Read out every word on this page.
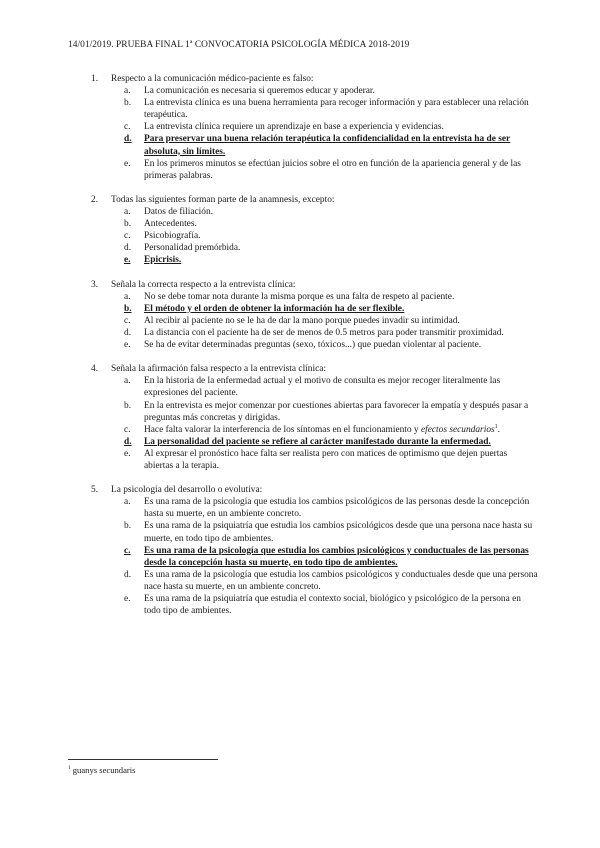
14/01/2019. PRUEBA FINAL 1ª CONVOCATORIA PSICOLOGÍA MÉDICA 2018-2019
1.	Respecto a la comunicación médico-paciente es falso:
a.	La comunicación es necesaria si queremos educar y apoderar.
b.	La entrevista clínica es una buena herramienta para recoger información y para establecer una relación terapéutica.
c.	La entrevista clínica requiere un aprendizaje en base a experiencia y evidencias.
d.	Para preservar una buena relación terapéutica la confidencialidad en la entrevista ha de ser absoluta, sin límites.
e.	En los primeros minutos se efectúan juicios sobre el otro en función de la apariencia general y de las primeras palabras.
2.	Todas las siguientes forman parte de la anamnesis, excepto:
a.	Datos de filiación.
b.	Antecedentes.
c.	Psicobiografía.
d.	Personalidad premórbida.
e.	Epicrisis.
3.	Señala la correcta respecto a la entrevista clínica:
a.	No se debe tomar nota durante la misma porque es una falta de respeto al paciente.
b.	El método y el orden de obtener la información ha de ser flexible.
c.	Al recibir al paciente no se le ha de dar la mano porque puedes invadir su intimidad.
d.	La distancia con el paciente ha de ser de menos de 0.5 metros para poder transmitir proximidad.
e.	Se ha de evitar determinadas preguntas (sexo, tóxicos...) que puedan violentar al paciente.
4.	Señala la afirmación falsa respecto a la entrevista clínica:
a.	En la historia de la enfermedad actual y el motivo de consulta es mejor recoger literalmente las expresiones del paciente.
b.	En la entrevista es mejor comenzar por cuestiones abiertas para favorecer la empatía y después pasar a preguntas más concretas y dirigidas.
c.	Hace falta valorar la interferencia de los síntomas en el funcionamiento y efectos secundarios$^1$.
d.	La personalidad del paciente se refiere al carácter manifestado durante la enfermedad.
e.	Al expresar el pronóstico hace falta ser realista pero con matices de optimismo que dejen puertas abiertas a la terapia.
5.	La psicología del desarrollo o evolutiva:
a.	Es una rama de la psicología que estudia los cambios psicológicos de las personas desde la concepción hasta su muerte, en un ambiente concreto.
b.	Es una rama de la psiquiatría que estudia los cambios psicológicos desde que una persona nace hasta su muerte, en todo tipo de ambientes.
c.	Es una rama de la psicología que estudia los cambios psicológicos y conductuales de las personas desde la concepción hasta su muerte, en todo tipo de ambientes.
d.	Es una rama de la psicología que estudia los cambios psicológicos y conductuales desde que una persona nace hasta su muerte, en un ambiente concreto.
e.	Es una rama de la psiquiatría que estudia el contexto social, biológico y psicológico de la persona en todo tipo de ambientes.
$^1$ guanys secundaris
